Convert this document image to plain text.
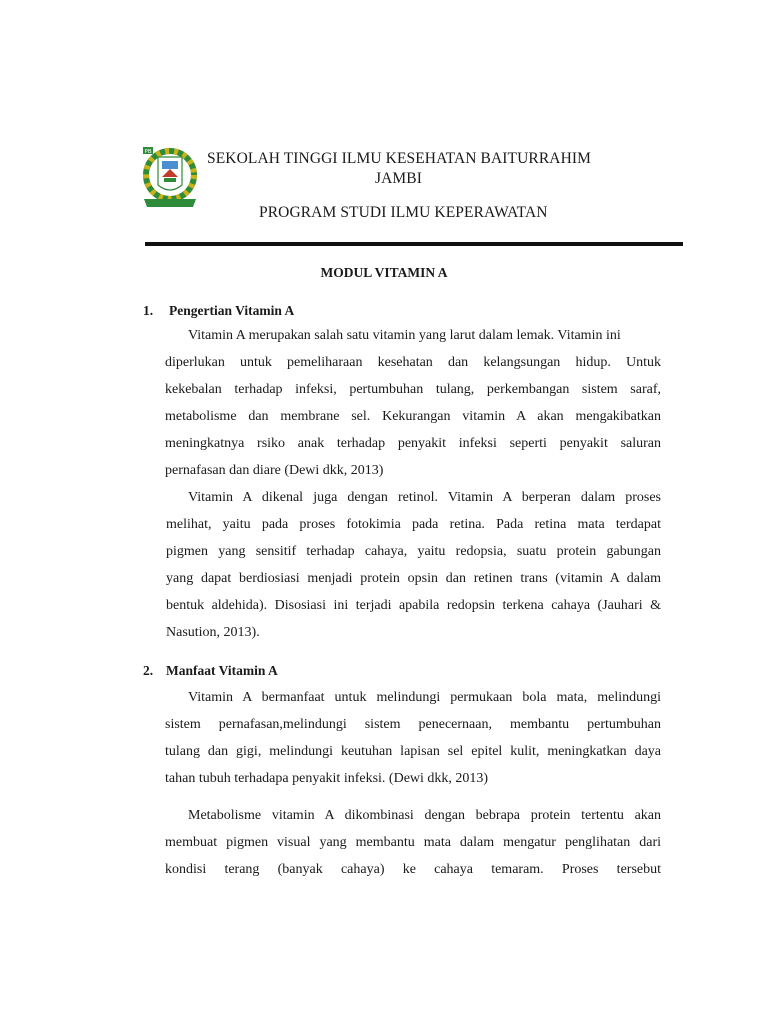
PB	SEKOLAH TINGGI ILMU KESEHATAN BAITURRAHIM
JAMBI
PROGRAM STUDI ILMU KEPERAWATAN
MODUL VITAMIN A
1. Pengertian Vitamin A
Vitamin A merupakan salah satu vitamin yang larut dalam lemak. Vitamin ini
diperlukan untuk pemeliharaan kesehatan dan kelangsungan hidup. Untuk
kekebalan terhadap infeksi, pertumbuhan tulang, perkembangan sistem saraf,
metabolisme dan membrane sel. Kekurangan vitamin A akan mengakibatkan
meningkatnya rsiko anak terhadap penyakit infeksi seperti penyakit saluran
pernafasan dan diare (Dewi dkk, 2013)
Vitamin A dikenal juga dengan retinol. Vitamin A berperan dalam proses
melihat, yaitu pada proses fotokimia pada retina. Pada retina mata terdapat
pigmen yang sensitif terhadap cahaya, yaitu redopsia, suatu protein gabungan
yang dapat berdiosiasi menjadi protein opsin dan retinen trans (vitamin A dalam
bentuk aldehida). Disosiasi ini terjadi apabila redopsin terkena cahaya (Jauhari &
Nasution, 2013).
2. Manfaat Vitamin A
Vitamin A bermanfaat untuk melindungi permukaan bola mata, melindungi
sistem pernafasan,melindungi sistem penecernaan, membantu pertumbuhan
tulang dan gigi, melindungi keutuhan lapisan sel epitel kulit, meningkatkan daya
tahan tubuh terhadapa penyakit infeksi. (Dewi dkk, 2013)
Metabolisme vitamin A dikombinasi dengan bebrapa protein tertentu akan
membuat pigmen visual yang membantu mata dalam mengatur penglihatan dari
kondisi terang (banyak cahaya) ke cahaya temaram. Proses tersebut
